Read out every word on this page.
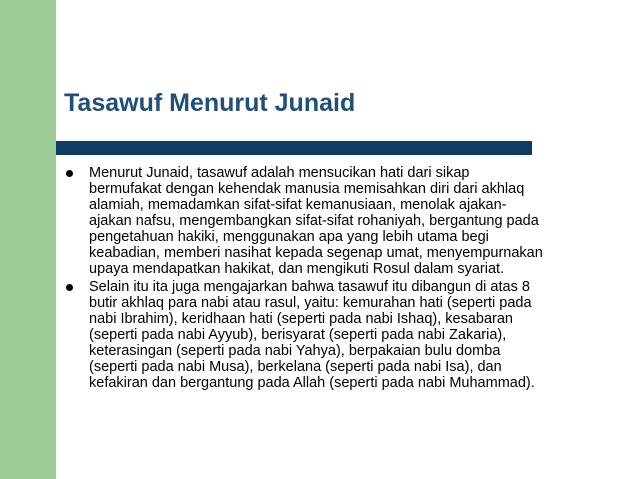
Tasawuf Menurut Junaid
Menurut Junaid, tasawuf adalah mensucikan hati dari sikap
bermufakat dengan kehendak manusia memisahkan diri dari akhlaq
alamiah, memadamkan sifat-sifat kemanusiaan, menolak ajakan-
ajakan nafsu, mengembangkan sifat-sifat rohaniyah, bergantung pada
pengetahuan hakiki, menggunakan apa yang lebih utama begi
keabadian, memberi nasihat kepada segenap umat, menyempurnakan
upaya mendapatkan hakikat, dan mengikuti Rosul dalam syariat.
Selain itu ita juga mengajarkan bahwa tasawuf itu dibangun di atas 8
butir akhlaq para nabi atau rasul, yaitu: kemurahan hati (seperti pada
nabi Ibrahim), keridhaan hati (seperti pada nabi Ishaq), kesabaran
(seperti pada nabi Ayyub), berisyarat (seperti pada nabi Zakaria),
keterasingan (seperti pada nabi Yahya), berpakaian bulu domba
(seperti pada nabi Musa), berkelana (seperti pada nabi Isa), dan
kefakiran dan bergantung pada Allah (seperti pada nabi Muhammad).
